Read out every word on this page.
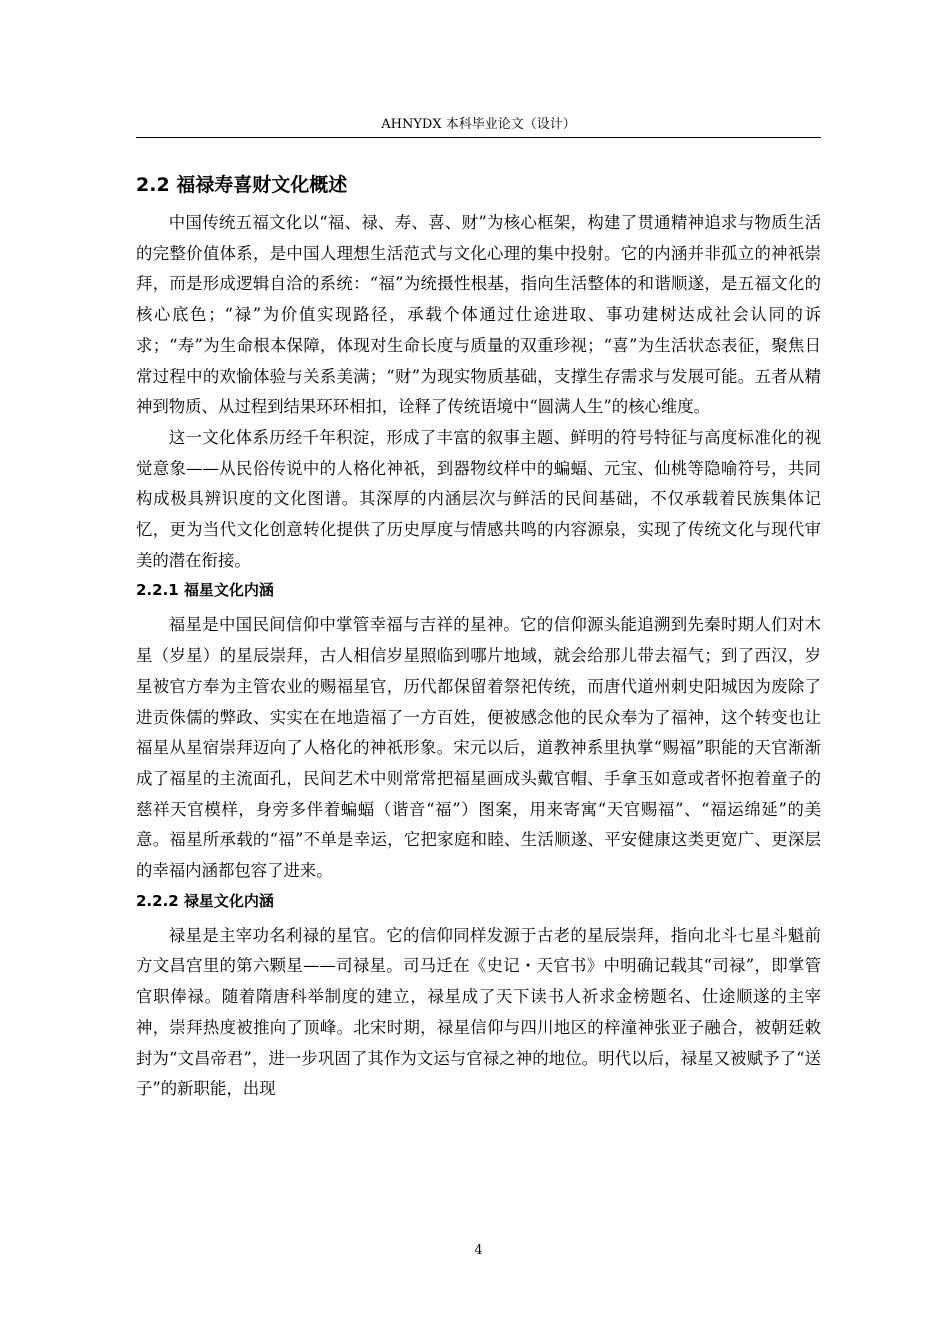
AHNYDX 本科毕业论文（设计）
2.2 福禄寿喜财文化概述

中国传统五福文化以“福、禄、寿、喜、财”为核心框架，构建了贯通精神追求与物质生活的完整价值体系，是中国人理想生活范式与文化心理的集中投射。它的内涵并非孤立的神祇崇拜，而是形成逻辑自洽的系统：“福”为统摄性根基，指向生活整体的和谐顺遂，是五福文化的核心底色；“禄”为价值实现路径，承载个体通过仕途进取、事功建树达成社会认同的诉求；“寿”为生命根本保障，体现对生命长度与质量的双重珍视；“喜”为生活状态表征，聚焦日常过程中的欢愉体验与关系美满；“财”为现实物质基础，支撑生存需求与发展可能。五者从精神到物质、从过程到结果环环相扣，诠释了传统语境中“圆满人生”的核心维度。

这一文化体系历经千年积淀，形成了丰富的叙事主题、鲜明的符号特征与高度标准化的视觉意象——从民俗传说中的人格化神祇，到器物纹样中的蝙蝠、元宝、仙桃等隐喻符号，共同构成极具辨识度的文化图谱。其深厚的内涵层次与鲜活的民间基础，不仅承载着民族集体记忆，更为当代文化创意转化提供了历史厚度与情感共鸣的内容源泉，实现了传统文化与现代审美的潜在衔接。

2.2.1 福星文化内涵

福星是中国民间信仰中掌管幸福与吉祥的星神。它的信仰源头能追溯到先秦时期人们对木星（岁星）的星辰崇拜，古人相信岁星照临到哪片地域，就会给那儿带去福气；到了西汉，岁星被官方奉为主管农业的赐福星官，历代都保留着祭祀传统，而唐代道州刺史阳城因为废除了进贡侏儒的弊政、实实在在地造福了一方百姓，便被感念他的民众奉为了福神，这个转变也让福星从星宿崇拜迈向了人格化的神祇形象。宋元以后，道教神系里执掌“赐福”职能的天官渐渐成了福星的主流面孔，民间艺术中则常常把福星画成头戴官帽、手拿玉如意或者怀抱着童子的慈祥天官模样，身旁多伴着蝙蝠（谐音“福”）图案，用来寄寓“天官赐福”、“福运绵延”的美意。福星所承载的“福”不单是幸运，它把家庭和睦、生活顺遂、平安健康这类更宽广、更深层的幸福内涵都包容了进来。

2.2.2 禄星文化内涵

禄星是主宰功名利禄的星官。它的信仰同样发源于古老的星辰崇拜，指向北斗七星斗魁前方文昌宫里的第六颗星——司禄星。司马迁在《史记・天官书》中明确记载其“司禄”，即掌管官职俸禄。随着隋唐科举制度的建立，禄星成了天下读书人祈求金榜题名、仕途顺遂的主宰神，崇拜热度被推向了顶峰。北宋时期，禄星信仰与四川地区的梓潼神张亚子融合，被朝廷敕封为“文昌帝君”，进一步巩固了其作为文运与官禄之神的地位。明代以后，禄星又被赋予了“送子”的新职能，出现

4
